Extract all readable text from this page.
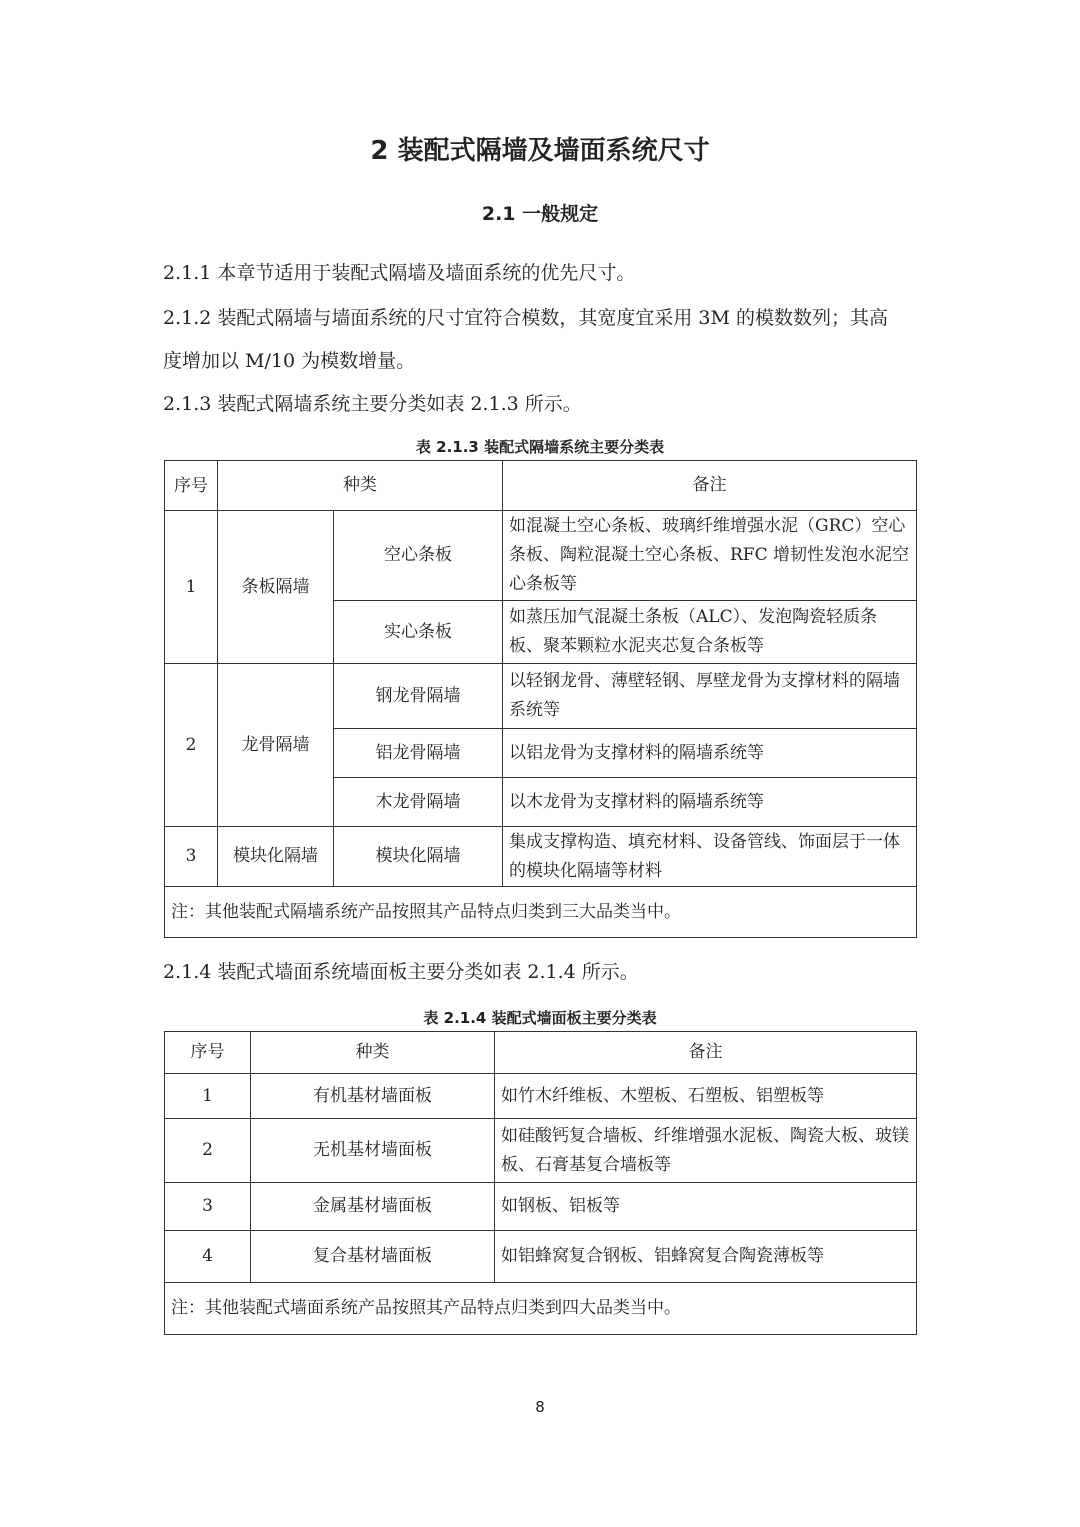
2 装配式隔墙及墙面系统尺寸
2.1 一般规定
2.1.1 本章节适用于装配式隔墙及墙面系统的优先尺寸。
2.1.2 装配式隔墙与墙面系统的尺寸宜符合模数，其宽度宜采用 3M 的模数数列；其高度增加以 M/10 为模数增量。
2.1.3 装配式隔墙系统主要分类如表 2.1.3 所示。
表 2.1.3 装配式隔墙系统主要分类表
序号	种类		备注
1	条板隔墙	空心条板	如混凝土空心条板、玻璃纤维增强水泥（GRC）空心条板、陶粒混凝土空心条板、RFC 增韧性发泡水泥空心条板等
		实心条板	如蒸压加气混凝土条板（ALC）、发泡陶瓷轻质条板、聚苯颗粒水泥夹芯复合条板等
2	龙骨隔墙	钢龙骨隔墙	以轻钢龙骨、薄壁轻钢、厚壁龙骨为支撑材料的隔墙系统等
		铝龙骨隔墙	以铝龙骨为支撑材料的隔墙系统等
		木龙骨隔墙	以木龙骨为支撑材料的隔墙系统等
3	模块化隔墙	模块化隔墙	集成支撑构造、填充材料、设备管线、饰面层于一体的模块化隔墙等材料
注：其他装配式隔墙系统产品按照其产品特点归类到三大品类当中。			
2.1.4 装配式墙面系统墙面板主要分类如表 2.1.4 所示。
表 2.1.4 装配式墙面板主要分类表
序号	种类	备注
1	有机基材墙面板	如竹木纤维板、木塑板、石塑板、铝塑板等
2	无机基材墙面板	如硅酸钙复合墙板、纤维增强水泥板、陶瓷大板、玻镁板、石膏基复合墙板等
3	金属基材墙面板	如钢板、铝板等
4	复合基材墙面板	如铝蜂窝复合钢板、铝蜂窝复合陶瓷薄板等
注：其他装配式墙面系统产品按照其产品特点归类到四大品类当中。		
8
